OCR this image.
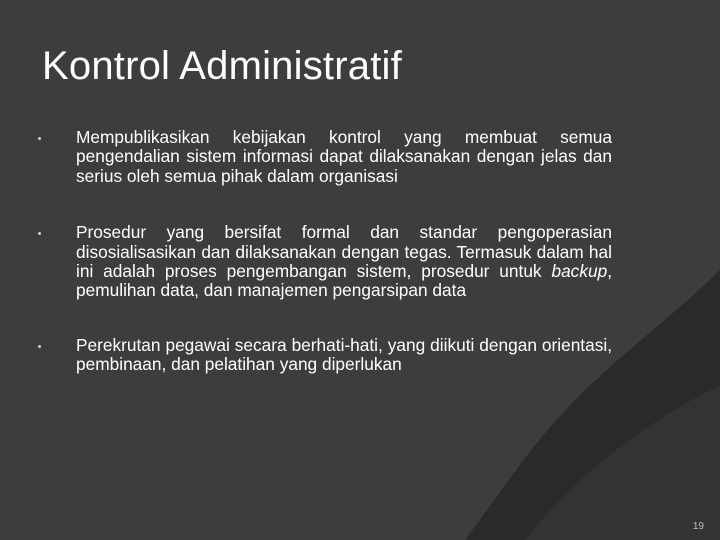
Kontrol Administratif
Mempublikasikan kebijakan kontrol yang membuat semua pengendalian sistem informasi dapat dilaksanakan dengan jelas dan serius oleh semua pihak dalam organisasi
Prosedur yang bersifat formal dan standar pengoperasian disosialisasikan dan dilaksanakan dengan tegas. Termasuk dalam hal ini adalah proses pengembangan sistem, prosedur untuk backup, pemulihan data, dan manajemen pengarsipan data
Perekrutan pegawai secara berhati-hati, yang diikuti dengan orientasi, pembinaan, dan pelatihan yang diperlukan
19
